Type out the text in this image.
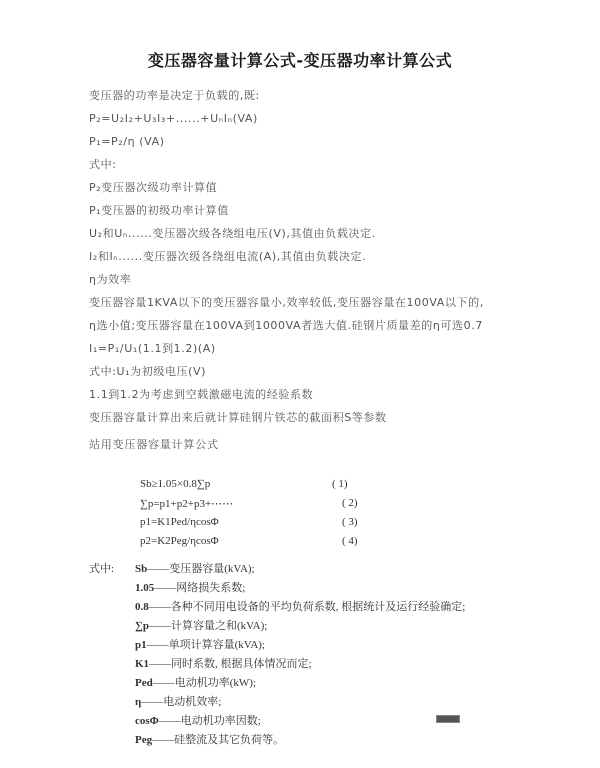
变压器容量计算公式-变压器功率计算公式
变压器的功率是决定于负载的,既:
P₂=U₂I₂+U₃I₃+......+UₙIₙ(VA)
P₁=P₂/η (VA)
式中:
P₂变压器次级功率计算值
P₁变压器的初级功率计算值
U₂和Uₙ......变压器次级各绕组电压(V),其值由负载决定.
I₂和Iₙ......变压器次级各绕组电流(A),其值由负载决定.
η为效率
变压器容量1KVA以下的变压器容量小,效率较低,变压器容量在100VA以下的,
η选小值;变压器容量在100VA到1000VA者选大值.硅钢片质量差的η可选0.7
I₁=P₁/U₁(1.1到1.2)(A)
式中:U₁为初级电压(V)
1.1到1.2为考虑到空载激磁电流的经验系数
变压器容量计算出来后就计算硅钢片铁芯的截面积S等参数
站用变压器容量计算公式
Sb≥1.05×0.8∑p	( 1)
∑p=p1+p2+p3+⋯⋯	( 2)
p1=K1Ped/ηcosΦ	( 3)
p2=K2Peg/ηcosΦ	( 4)
式中: Sb——变压器容量(kVA);
1.05——网络损失系数;
0.8——各种不同用电设备的平均负荷系数, 根据统计及运行经验确定;
∑p——计算容量之和(kVA);
p1——单项计算容量(kVA);
K1——同时系数, 根据具体情况而定;
Ped——电动机功率(kW);
η——电动机效率;
cosΦ——电动机功率因数;
Peg——硅整流及其它负荷等。
